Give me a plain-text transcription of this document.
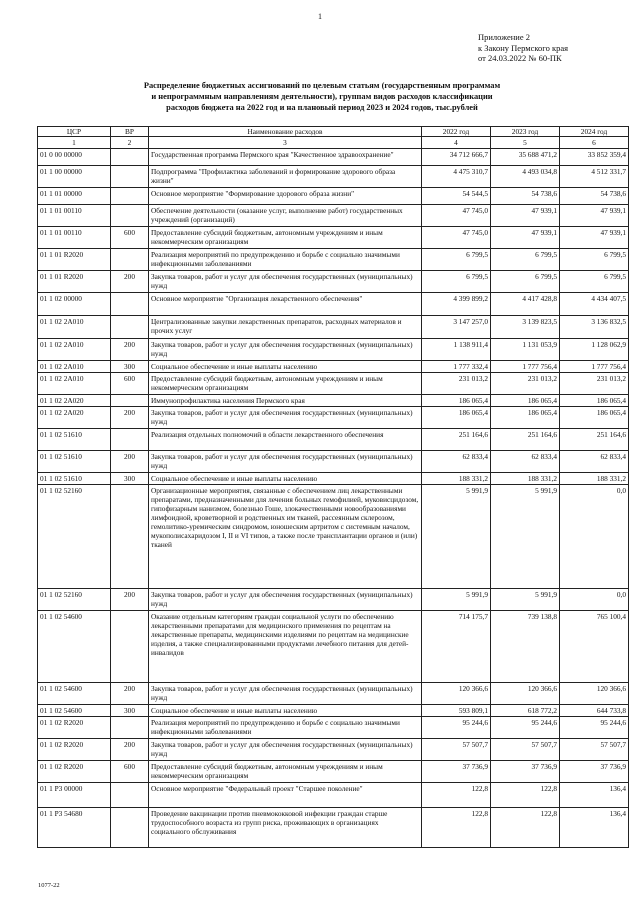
1
Приложение 2
к Закону Пермского края
от 24.03.2022 № 60-ПК
Распределение бюджетных ассигнований по целевым статьям (государственным программам
и непрограммным направлениям деятельности), группам видов расходов классификации
расходов бюджета на 2022 год и на плановый период 2023 и 2024 годов, тыс.рублей
ЦСР	ВР	Наименование расходов	2022 год	2023 год	2024 год
1	2	3	4	5	6
01 0 00 00000		Государственная программа Пермского края "Качественное здравоохранение"	34 712 666,7	35 688 471,2	33 852 359,4
01 1 00 00000		Подпрограмма "Профилактика заболеваний и формирование здорового образа жизни"	4 475 310,7	4 493 034,8	4 512 331,7
01 1 01 00000		Основное мероприятие "Формирование здорового образа жизни"	54 544,5	54 738,6	54 738,6
01 1 01 00110		Обеспечение деятельности (оказание услуг, выполнение работ) государственных учреждений (организаций)	47 745,0	47 939,1	47 939,1
01 1 01 00110	600	Предоставление субсидий бюджетным, автономным учреждениям и иным некоммерческим организациям	47 745,0	47 939,1	47 939,1
01 1 01 R2020		Реализация мероприятий по предупреждению и борьбе с социально значимыми инфекционными заболеваниями	6 799,5	6 799,5	6 799,5
01 1 01 R2020	200	Закупка товаров, работ и услуг для обеспечения государственных (муниципальных) нужд	6 799,5	6 799,5	6 799,5
01 1 02 00000		Основное мероприятие "Организация лекарственного обеспечения"	4 399 899,2	4 417 428,8	4 434 407,5
01 1 02 2А010		Централизованные закупки лекарственных препаратов, расходных материалов и прочих услуг	3 147 257,0	3 139 823,5	3 136 832,5
01 1 02 2А010	200	Закупка товаров, работ и услуг для обеспечения государственных (муниципальных) нужд	1 138 911,4	1 131 053,9	1 128 062,9
01 1 02 2А010	300	Социальное обеспечение и иные выплаты населению	1 777 332,4	1 777 756,4	1 777 756,4
01 1 02 2А010	600	Предоставление субсидий бюджетным, автономным учреждениям и иным некоммерческим организациям	231 013,2	231 013,2	231 013,2
01 1 02 2А020		Иммунопрофилактика населения Пермского края	186 065,4	186 065,4	186 065,4
01 1 02 2А020	200	Закупка товаров, работ и услуг для обеспечения государственных (муниципальных) нужд	186 065,4	186 065,4	186 065,4
01 1 02 51610		Реализация отдельных полномочий в области лекарственного обеспечения	251 164,6	251 164,6	251 164,6
01 1 02 51610	200	Закупка товаров, работ и услуг для обеспечения государственных (муниципальных) нужд	62 833,4	62 833,4	62 833,4
01 1 02 51610	300	Социальное обеспечение и иные выплаты населению	188 331,2	188 331,2	188 331,2
01 1 02 52160		Организационные мероприятия, связанные с обеспечением лиц лекарственными препаратами, предназначенными для лечения больных гемофилией, муковисцидозом, гипофизарным нанизмом, болезнью Гоше, злокачественными новообразованиями лимфоидной, кроветворной и родственных им тканей, рассеянным склерозом, гемолитико-уремическим синдромом, юношеским артритом с системным началом, мукополисахаридозом I, II и VI типов, а также после трансплантации органов и (или) тканей	5 991,9	5 991,9	0,0
01 1 02 52160	200	Закупка товаров, работ и услуг для обеспечения государственных (муниципальных) нужд	5 991,9	5 991,9	0,0
01 1 02 54600		Оказание отдельным категориям граждан социальной услуги по обеспечению лекарственными препаратами для медицинского применения по рецептам на лекарственные препараты, медицинскими изделиями по рецептам на медицинские изделия, а также специализированными продуктами лечебного питания для детей-инвалидов	714 175,7	739 138,8	765 100,4
01 1 02 54600	200	Закупка товаров, работ и услуг для обеспечения государственных (муниципальных) нужд	120 366,6	120 366,6	120 366,6
01 1 02 54600	300	Социальное обеспечение и иные выплаты населению	593 809,1	618 772,2	644 733,8
01 1 02 R2020		Реализация мероприятий по предупреждению и борьбе с социально значимыми инфекционными заболеваниями	95 244,6	95 244,6	95 244,6
01 1 02 R2020	200	Закупка товаров, работ и услуг для обеспечения государственных (муниципальных) нужд	57 507,7	57 507,7	57 507,7
01 1 02 R2020	600	Предоставление субсидий бюджетным, автономным учреждениям и иным некоммерческим организациям	37 736,9	37 736,9	37 736,9
01 1 P3 00000		Основное мероприятие "Федеральный проект "Старшее поколение"	122,8	122,8	136,4
01 1 P3 54680		Проведение вакцинации против пневмококковой инфекции граждан старше трудоспособного возраста из групп риска, проживающих в организациях социального обслуживания	122,8	122,8	136,4
1077-22
